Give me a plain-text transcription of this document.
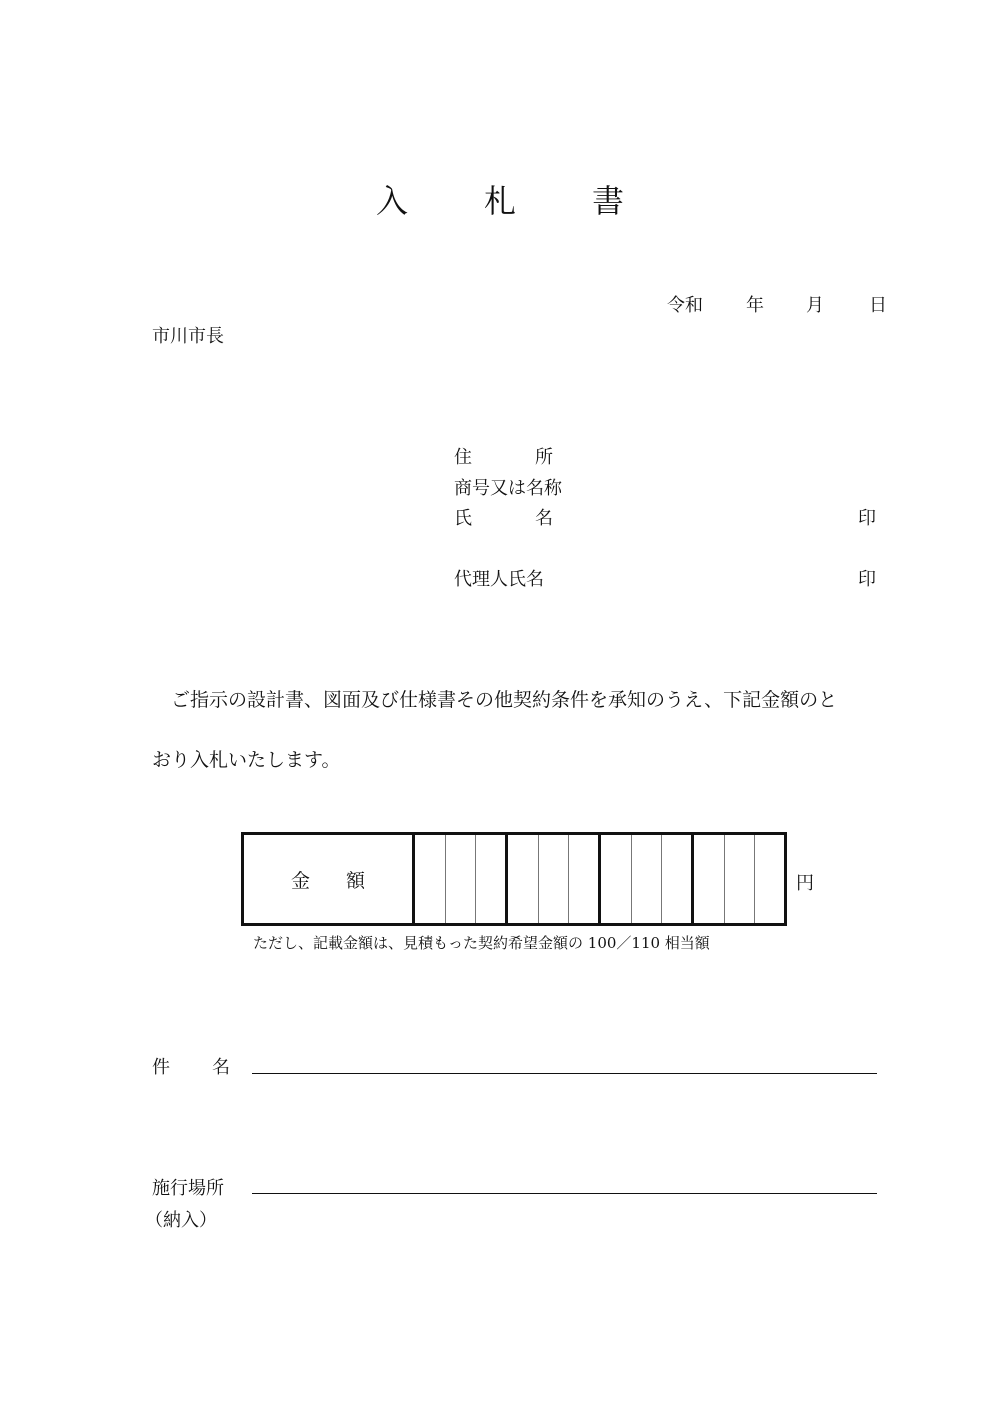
入 札 書
令和 年 月	日
市川市長
住	所
商号又は名称
氏	名	印
代理人氏名	印
　ご指示の設計書、図面及び仕様書その他契約条件を承知のうえ、下記金額のと
おり入札いたします。
金 額	円
ただし、記載金額は、見積もった契約希望金額の 100／110 相当額
件 名
施行場所
（納入）
